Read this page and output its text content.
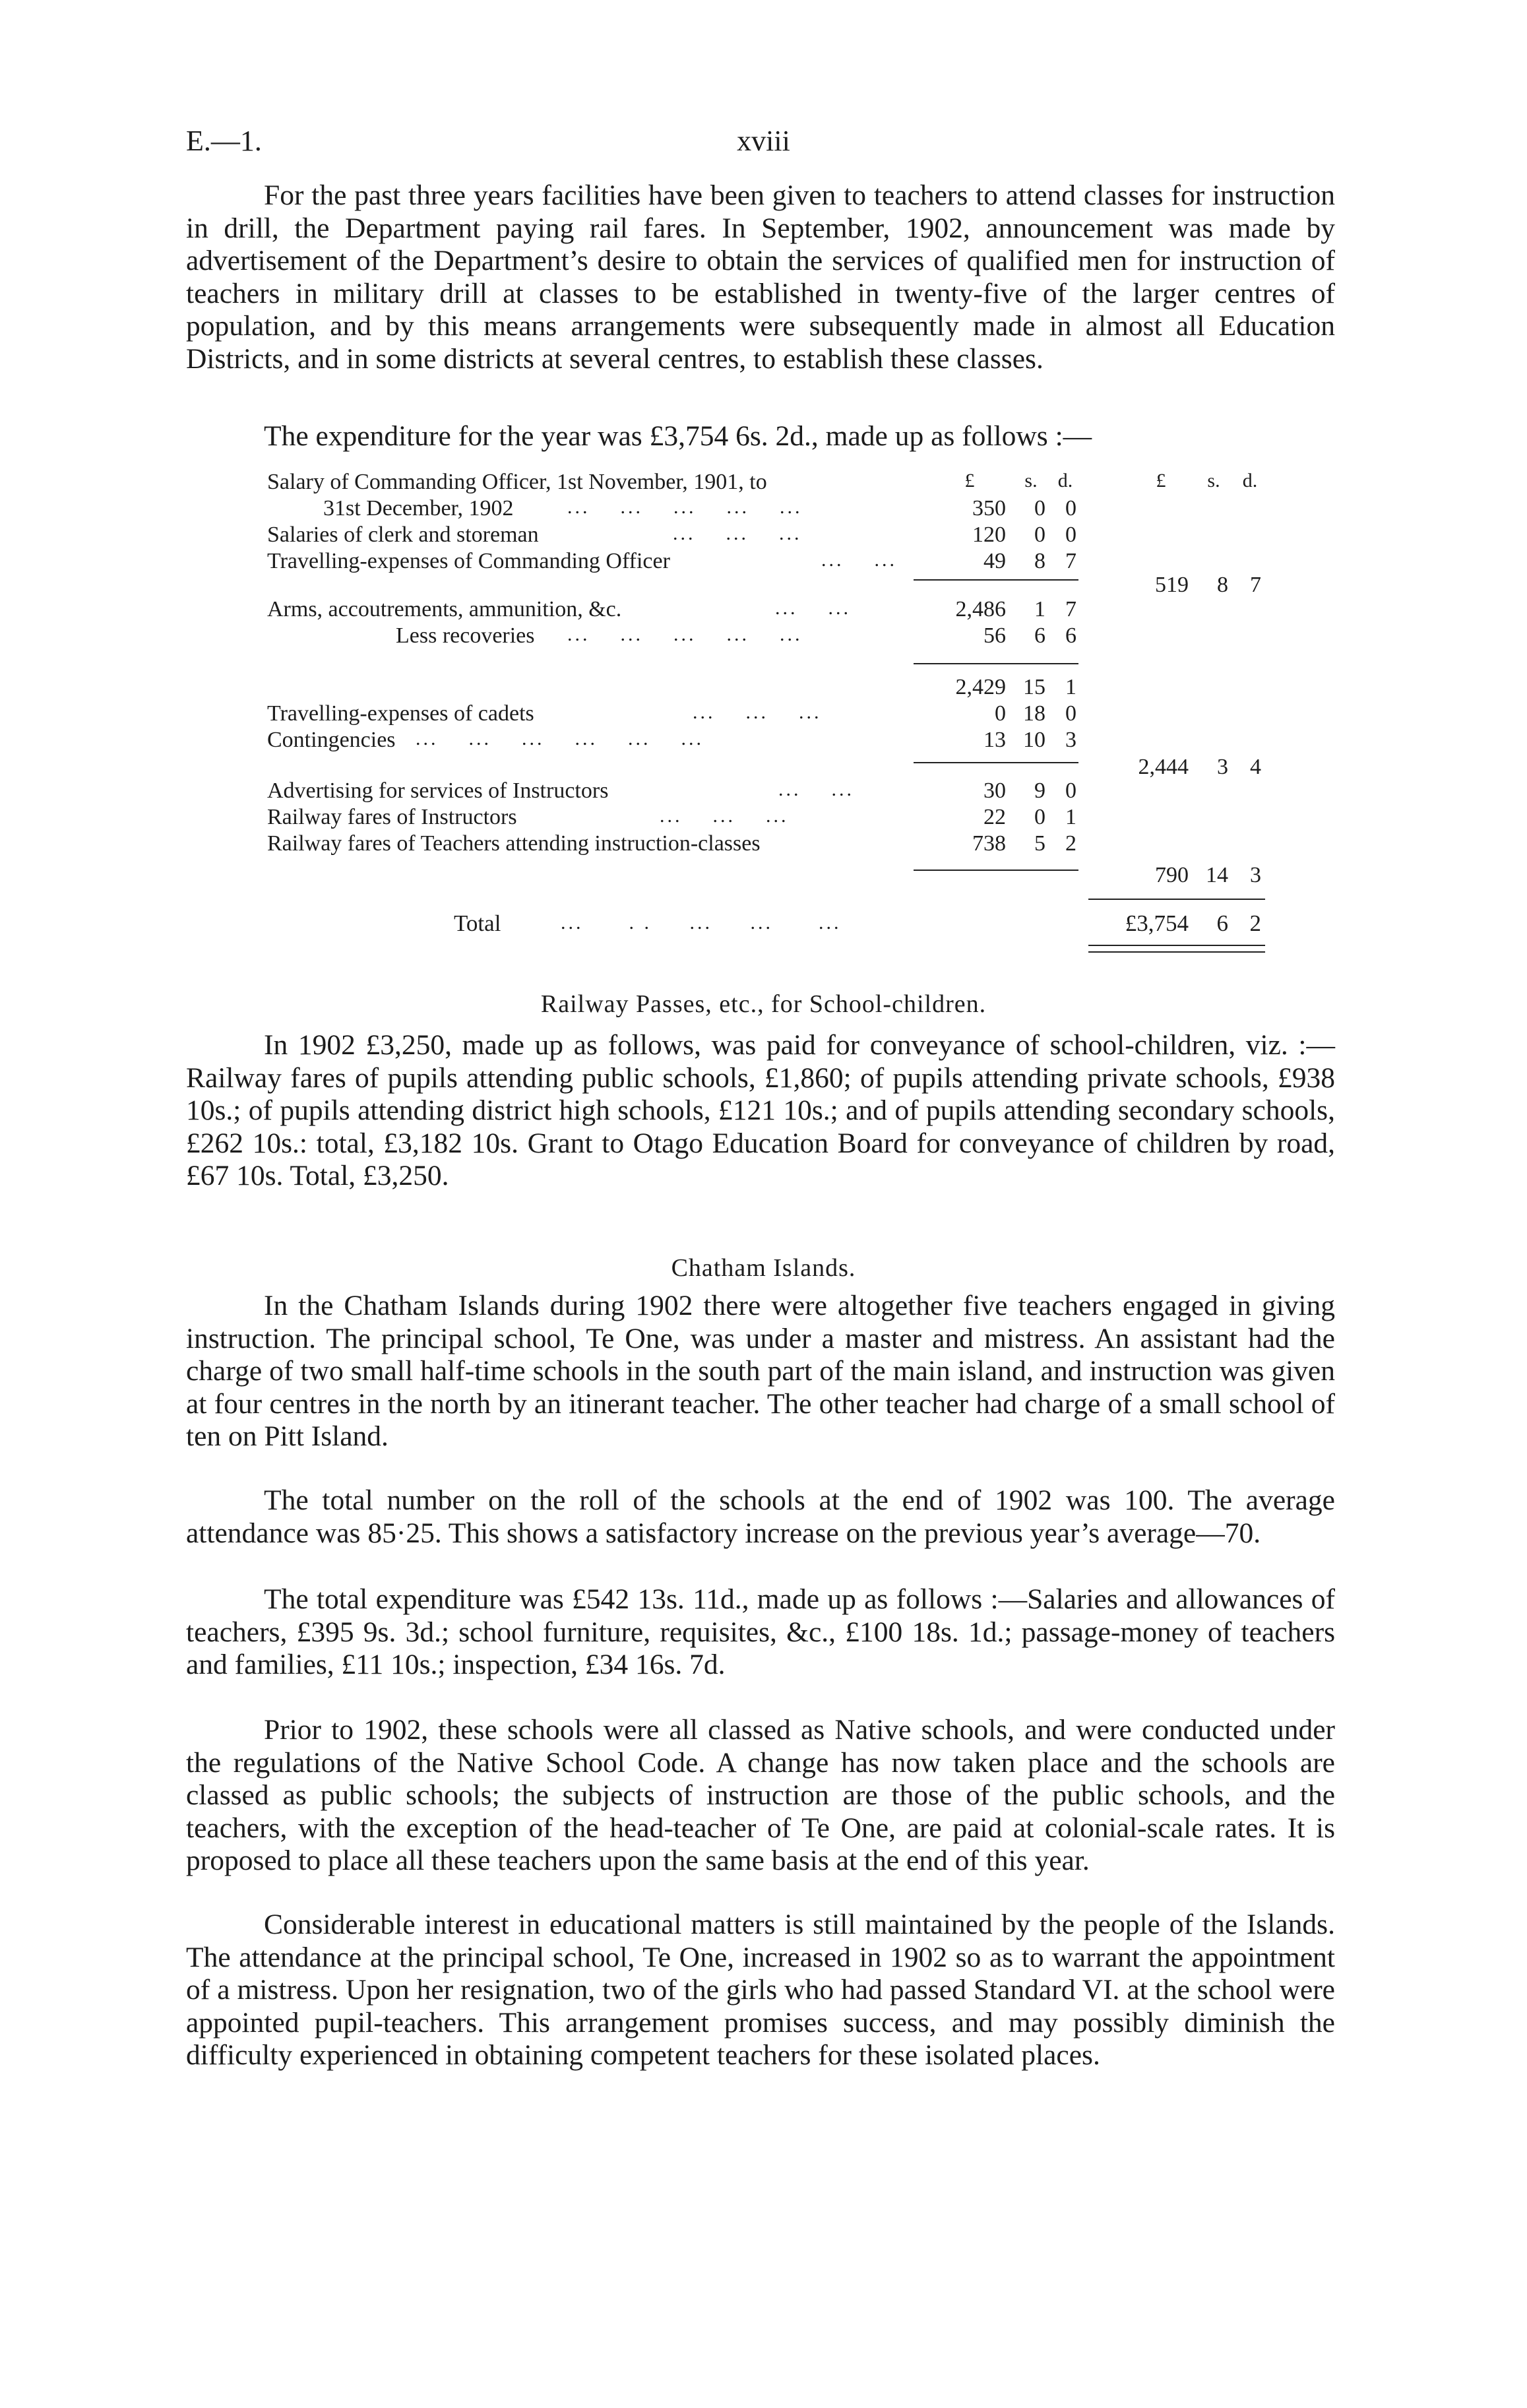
E.—1.	xviii

For the past three years facilities have been given to teachers to attend classes for instruction in drill, the Department paying rail fares. In September, 1902, announcement was made by advertisement of the Department’s desire to obtain the services of qualified men for instruction of teachers in military drill at classes to be established in twenty-five of the larger centres of population, and by this means arrangements were subsequently made in almost all Education Districts, and in some districts at several centres, to establish these classes.

The expenditure for the year was £3,754 6s. 2d., made up as follows :—

£	s.	d.	£	s.	d.
Salary of Commanding Officer, 1st November, 1901, to
31st December, 1902	...    ...    ...    ...    ...	350	0 0
Salaries of clerk and storeman	...    ...    ...	120	0 0
Travelling-expenses of Commanding Officer	...    ...	49	8 7
519	8 7
Arms, accoutrements, ammunition, &c.	...    ...	2,486	1 7
Less recoveries ...    ...    ...    ...    ...	56	6 6
2,429 15 1
Travelling-expenses of cadets	...    ...    ...	0 18 0
Contingencies ...    ...    ...    ...    ...    ...	13 10 3
2,444	3 4
Advertising for services of Instructors	...    ...	30	9 0
Railway fares of Instructors	...    ...    ...	22	0 1
Railway fares of Teachers attending instruction-classes	738	5 2
790 14 3
Total	...      . .     ...     ...      ...	£3,754	6 2
Railway Passes, etc., for School-children.

In 1902 £3,250, made up as follows, was paid for conveyance of school-children, viz. :—Railway fares of pupils attending public schools, £1,860; of pupils attending private schools, £938 10s.; of pupils attending district high schools, £121 10s.; and of pupils attending secondary schools, £262 10s.: total, £3,182 10s. Grant to Otago Education Board for conveyance of children by road, £67 10s. Total, £3,250.

Chatham Islands.

In the Chatham Islands during 1902 there were altogether five teachers engaged in giving instruction. The principal school, Te One, was under a master and mistress. An assistant had the charge of two small half-time schools in the south part of the main island, and instruction was given at four centres in the north by an itinerant teacher. The other teacher had charge of a small school of ten on Pitt Island.

The total number on the roll of the schools at the end of 1902 was 100. The average attendance was 85·25. This shows a satisfactory increase on the previous year’s average—70.

The total expenditure was £542 13s. 11d., made up as follows :—Salaries and allowances of teachers, £395 9s. 3d.; school furniture, requisites, &c., £100 18s. 1d.; passage-money of teachers and families, £11 10s.; inspection, £34 16s. 7d.

Prior to 1902, these schools were all classed as Native schools, and were conducted under the regulations of the Native School Code. A change has now taken place and the schools are classed as public schools; the subjects of instruction are those of the public schools, and the teachers, with the exception of the head-teacher of Te One, are paid at colonial-scale rates. It is proposed to place all these teachers upon the same basis at the end of this year.

Considerable interest in educational matters is still maintained by the people of the Islands. The attendance at the principal school, Te One, increased in 1902 so as to warrant the appointment of a mistress. Upon her resignation, two of the girls who had passed Standard VI. at the school were appointed pupil-teachers. This arrangement promises success, and may possibly diminish the difficulty experienced in obtaining competent teachers for these isolated places.
